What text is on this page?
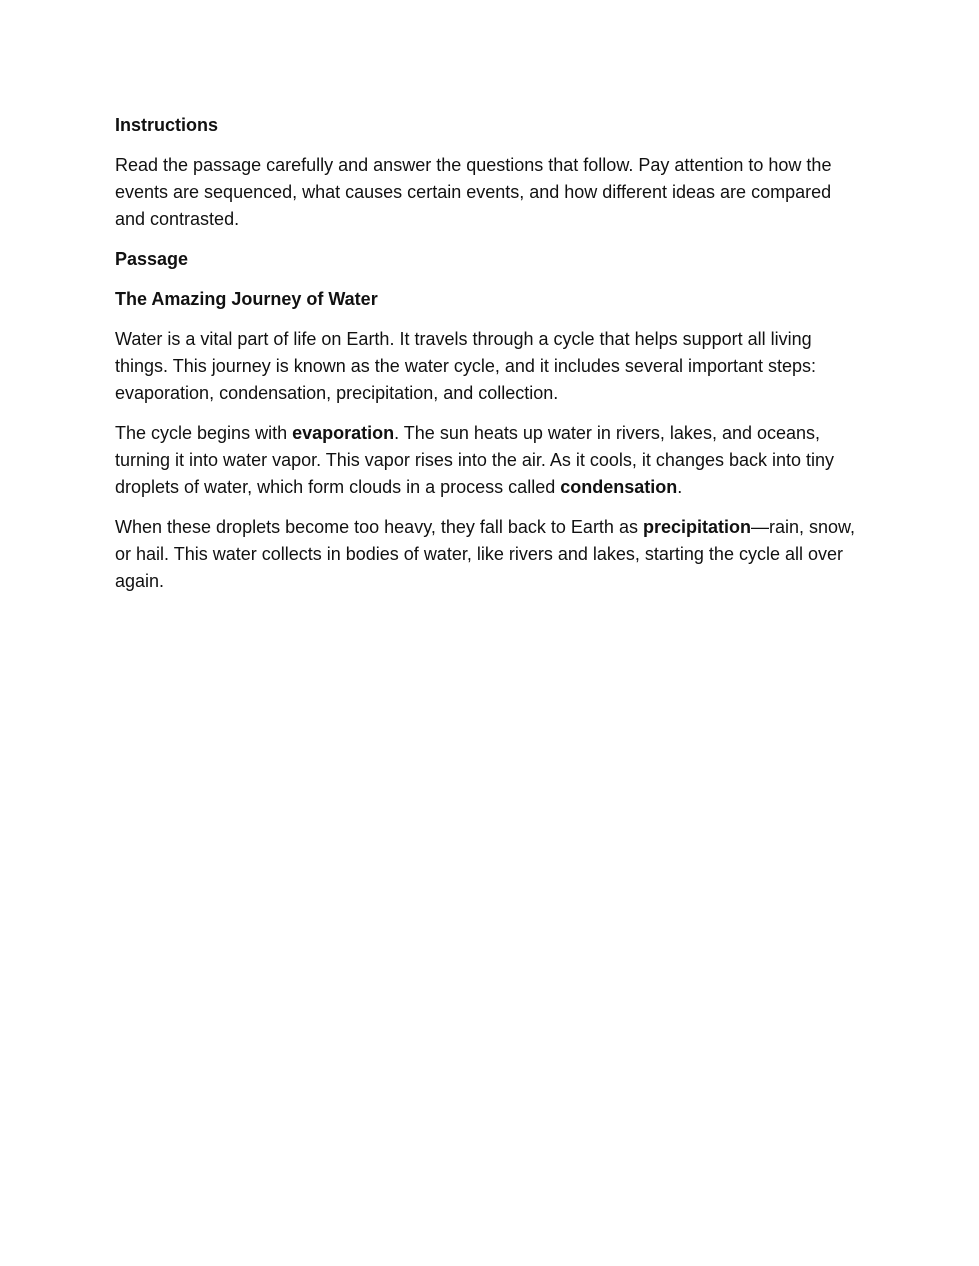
Instructions
Read the passage carefully and answer the questions that follow. Pay attention to how the events are sequenced, what causes certain events, and how different ideas are compared and contrasted.
Passage
The Amazing Journey of Water
Water is a vital part of life on Earth. It travels through a cycle that helps support all living things. This journey is known as the water cycle, and it includes several important steps: evaporation, condensation, precipitation, and collection.
The cycle begins with evaporation. The sun heats up water in rivers, lakes, and oceans, turning it into water vapor. This vapor rises into the air. As it cools, it changes back into tiny droplets of water, which form clouds in a process called condensation.
When these droplets become too heavy, they fall back to Earth as precipitation—rain, snow, or hail. This water collects in bodies of water, like rivers and lakes, starting the cycle all over again.
